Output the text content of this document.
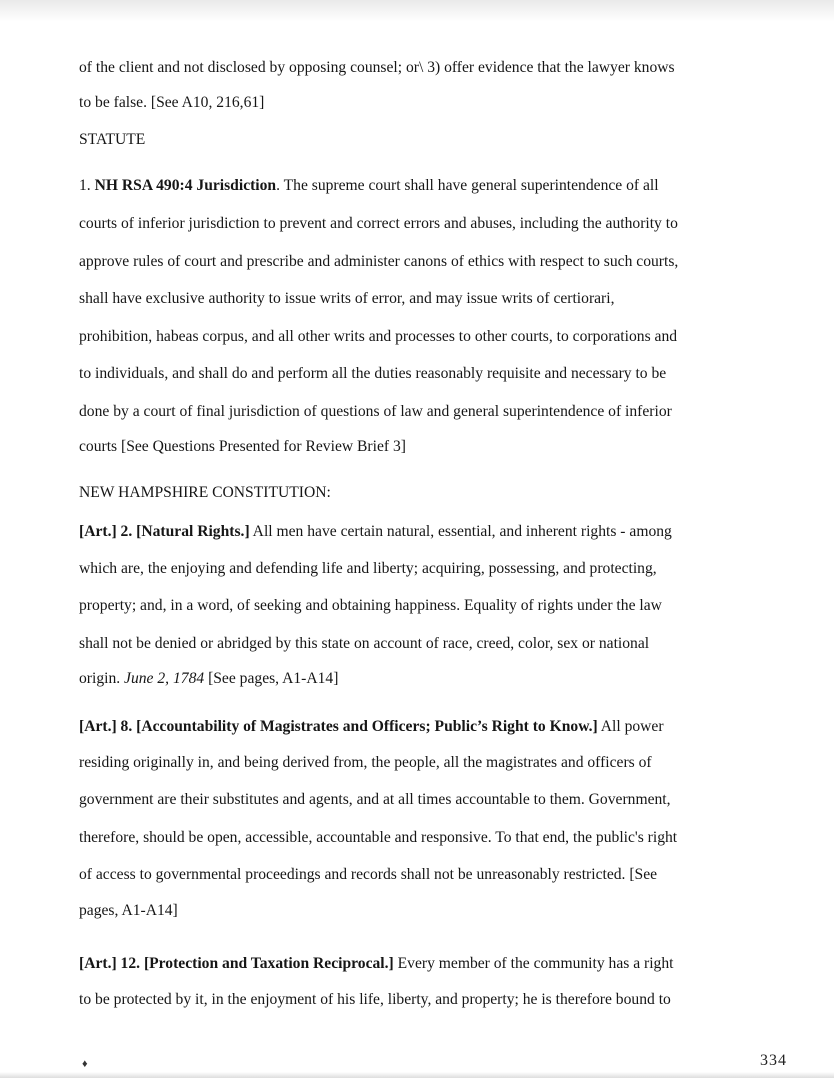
of the client and not disclosed by opposing counsel; or\ 3) offer evidence that the lawyer knows

to be false. [See A10, 216,61]

STATUTE

1. NH RSA 490:4 Jurisdiction. The supreme court shall have general superintendence of all

courts of inferior jurisdiction to prevent and correct errors and abuses, including the authority to

approve rules of court and prescribe and administer canons of ethics with respect to such courts,

shall have exclusive authority to issue writs of error, and may issue writs of certiorari,

prohibition, habeas corpus, and all other writs and processes to other courts, to corporations and

to individuals, and shall do and perform all the duties reasonably requisite and necessary to be

done by a court of final jurisdiction of questions of law and general superintendence of inferior

courts [See Questions Presented for Review Brief 3]

NEW HAMPSHIRE CONSTITUTION:

[Art.] 2. [Natural Rights.] All men have certain natural, essential, and inherent rights - among

which are, the enjoying and defending life and liberty; acquiring, possessing, and protecting,

property; and, in a word, of seeking and obtaining happiness. Equality of rights under the law

shall not be denied or abridged by this state on account of race, creed, color, sex or national

origin. June 2, 1784 [See pages, A1-A14]

[Art.] 8. [Accountability of Magistrates and Officers; Public’s Right to Know.] All power

residing originally in, and being derived from, the people, all the magistrates and officers of

government are their substitutes and agents, and at all times accountable to them. Government,

therefore, should be open, accessible, accountable and responsive. To that end, the public's right

of access to governmental proceedings and records shall not be unreasonably restricted. [See

pages, A1-A14]

[Art.] 12. [Protection and Taxation Reciprocal.] Every member of the community has a right

to be protected by it, in the enjoyment of his life, liberty, and property; he is therefore bound to

♦	334
